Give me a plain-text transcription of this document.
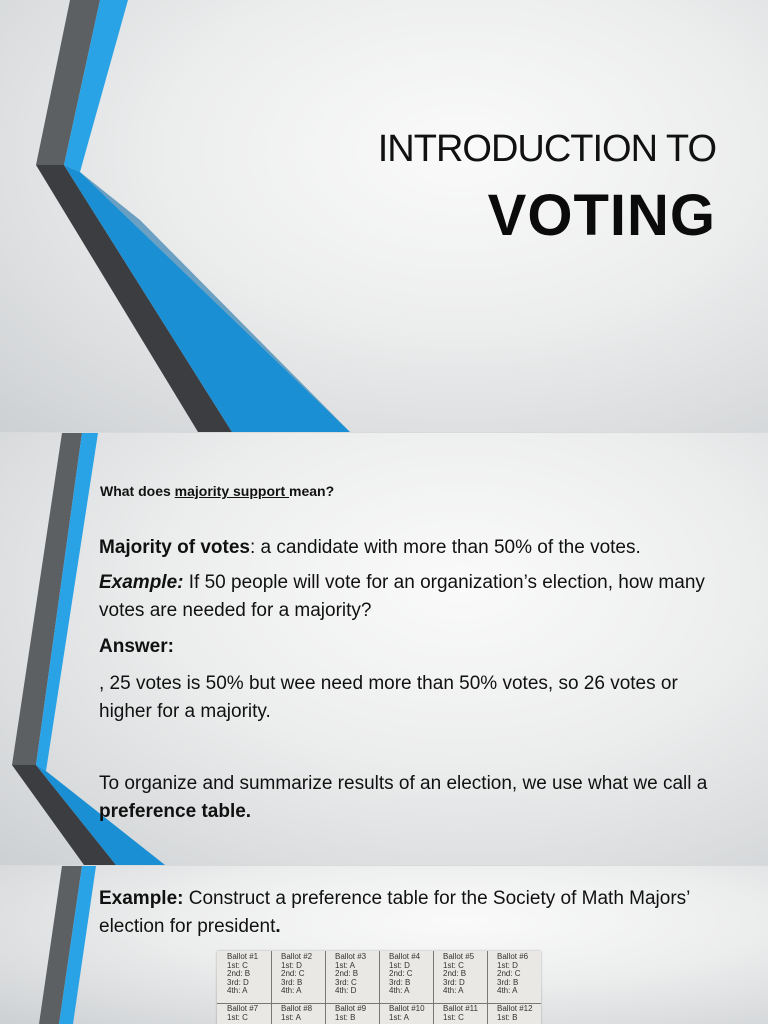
INTRODUCTION TO
VOTING
What does majority support mean?
Majority of votes: a candidate with more than 50% of the votes.
Example: If 50 people will vote for an organization’s election, how many votes are needed for a majority?
Answer:
, 25 votes is 50% but wee need more than 50% votes, so 26 votes or higher for a majority.
To organize and summarize results of an election, we use what we call a preference table.
Example: Construct a preference table for the Society of Math Majors’ election for president.
Ballot #1
1st: C
2nd: B
3rd: D
4th: A
Ballot #2
1st: D
2nd: C
3rd: B
4th: A
Ballot #3
1st: A
2nd: B
3rd: C
4th: D
Ballot #4
1st: D
2nd: C
3rd: B
4th: A
Ballot #5
1st: C
2nd: B
3rd: D
4th: A
Ballot #6
1st: D
2nd: C
3rd: B
4th: A
Ballot #7
1st: C
Ballot #8
1st: A
Ballot #9
1st: B
Ballot #10
1st: A
Ballot #11
1st: C
Ballot #12
1st: B
